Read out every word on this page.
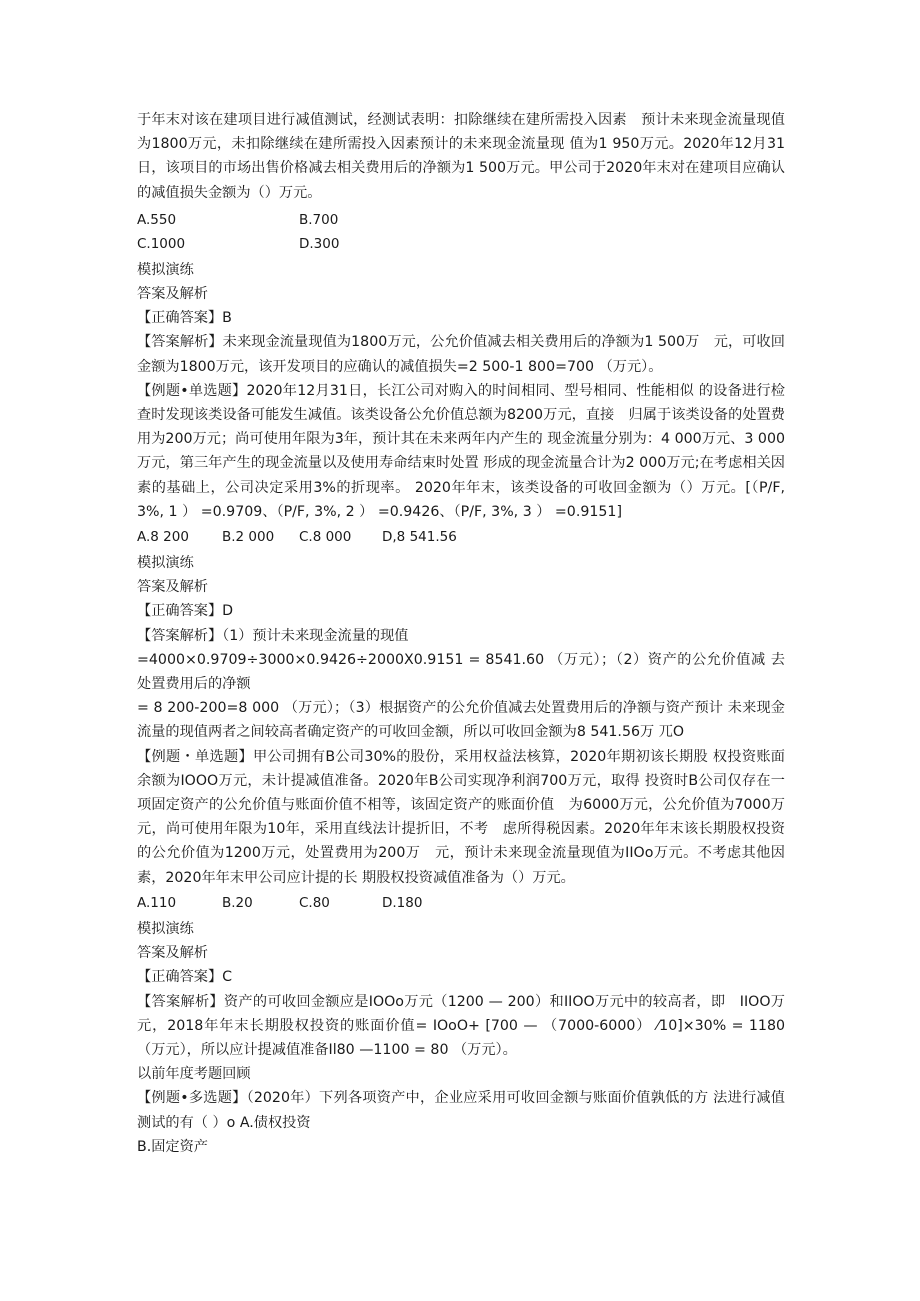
于年末对该在建项目进行减值测试，经测试表明：扣除继续在建所需投入因素　预计未来现金流量现值为1800万元，未扣除继续在建所需投入因素预计的未来现金流量现 值为1 950万元。2020年12月31日，该项目的市场出售价格减去相关费用后的净额为1 500万元。甲公司于2020年末对在建项目应确认的减值损失金额为（）万元。

A.550	B.700
C.1000	D.300

模拟演练

答案及解析

【正确答案】B

【答案解析】未来现金流量现值为1800万元，公允价值减去相关费用后的净额为1 500万　元，可收回金额为1800万元，该开发项目的应确认的减值损失=2 500-1 800=700 （万元）。

【例题•单选题】2020年12月31日，长江公司对购入的时间相同、型号相同、性能相似 的设备进行检查时发现该类设备可能发生减值。该类设备公允价值总额为8200万元，直接　归属于该类设备的处置费用为200万元；尚可使用年限为3年，预计其在未来两年内产生的 现金流量分别为：4 000万元、3 000万元，第三年产生的现金流量以及使用寿命结束时处置 形成的现金流量合计为2 000万元;在考虑相关因素的基础上，公司决定采用3%的折现率。 2020年年末，该类设备的可收回金额为（）万元。[（P/F, 3%, 1 ） =0.9709、（P/F, 3%, 2 ） =0.9426、（P/F, 3%, 3 ） =0.9151]

A.8 200	B.2 000	C.8 000	D,8 541.56

模拟演练

答案及解析

【正确答案】D

【答案解析】（1）预计未来现金流量的现值

=4000×0.9709÷3000×0.9426÷2000X0.9151 = 8541.60 （万元）；（2）资产的公允价值减 去处置费用后的净额

= 8 200-200=8 000 （万元）；（3）根据资产的公允价值减去处置费用后的净额与资产预计 未来现金流量的现值两者之间较高者确定资产的可收回金额，所以可收回金额为8 541.56万 兀O

【例题・单选题】甲公司拥有B公司30%的股份，采用权益法核算，2020年期初该长期股 权投资账面余额为IOOO万元，未计提减值准备。2020年B公司实现净利润700万元，取得 投资时B公司仅存在一项固定资产的公允价值与账面价值不相等，该固定资产的账面价值　为6000万元，公允价值为7000万元，尚可使用年限为10年，采用直线法计提折旧，不考　虑所得税因素。2020年年末该长期股权投资的公允价值为1200万元，处置费用为200万　元，预计未来现金流量现值为IIOo万元。不考虑其他因素，2020年年末甲公司应计提的长 期股权投资减值准备为（）万元。

A.110	B.20	C.80	D.180

模拟演练

答案及解析

【正确答案】C

【答案解析】资产的可收回金额应是IOOo万元（1200 — 200）和IIOO万元中的较高者，即　IIOO万元，2018年年末长期股权投资的账面价值= IOoO+ [700 — （7000-6000） ⁄10]×30% = 1180 （万元），所以应计提减值准备Il80 —1100 = 80 （万元）。

以前年度考题回顾

【例题•多选题】（2020年）下列各项资产中，企业应采用可收回金额与账面价值孰低的方 法进行减值测试的有（ ）o A.债权投资

B.固定资产
